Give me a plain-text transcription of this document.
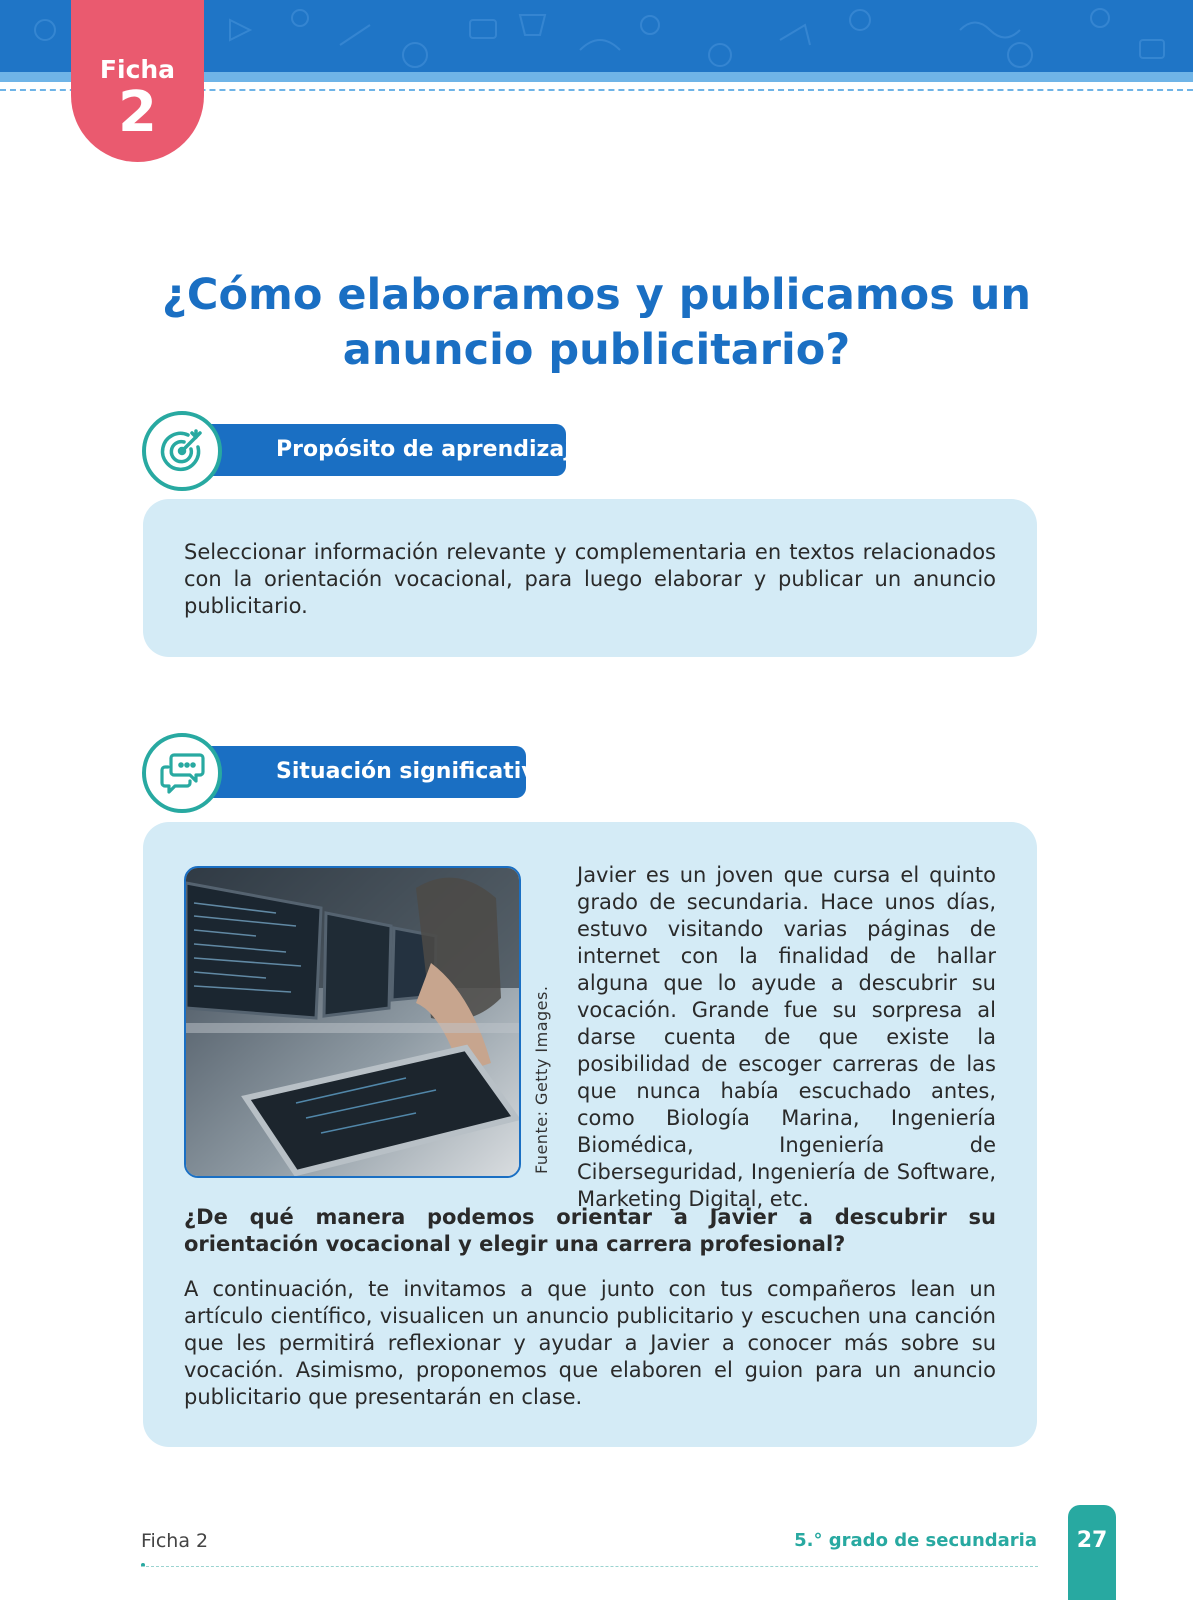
Ficha
2
¿Cómo elaboramos y publicamos un anuncio publicitario?
Propósito de aprendizaje

Seleccionar información relevante y complementaria en textos relacionados con la orientación vocacional, para luego elaborar y publicar un anuncio publicitario.

Situación significativa

Javier es un joven que cursa el quinto grado de secundaria. Hace unos días, estuvo visitando varias páginas de internet con la finalidad de hallar alguna que lo ayude a descubrir su vocación. Grande fue su sorpresa al darse cuenta de que existe la posibilidad de escoger carreras de las que nunca había escuchado antes, como Biología Marina, Ingeniería Biomédica, Ingeniería de Ciberseguridad, Ingeniería de Software, Marketing Digital, etc.

¿De qué manera podemos orientar a Javier a descubrir su orientación vocacional y elegir una carrera profesional?

A continuación, te invitamos a que junto con tus compañeros lean un artículo científico, visualicen un anuncio publicitario y escuchen una canción que les permitirá reflexionar y ayudar a Javier a conocer más sobre su vocación. Asimismo, proponemos que elaboren el guion para un anuncio publicitario que presentarán en clase.

Fuente: Getty Images.
Ficha 2	5.° grado de secundaria	27
